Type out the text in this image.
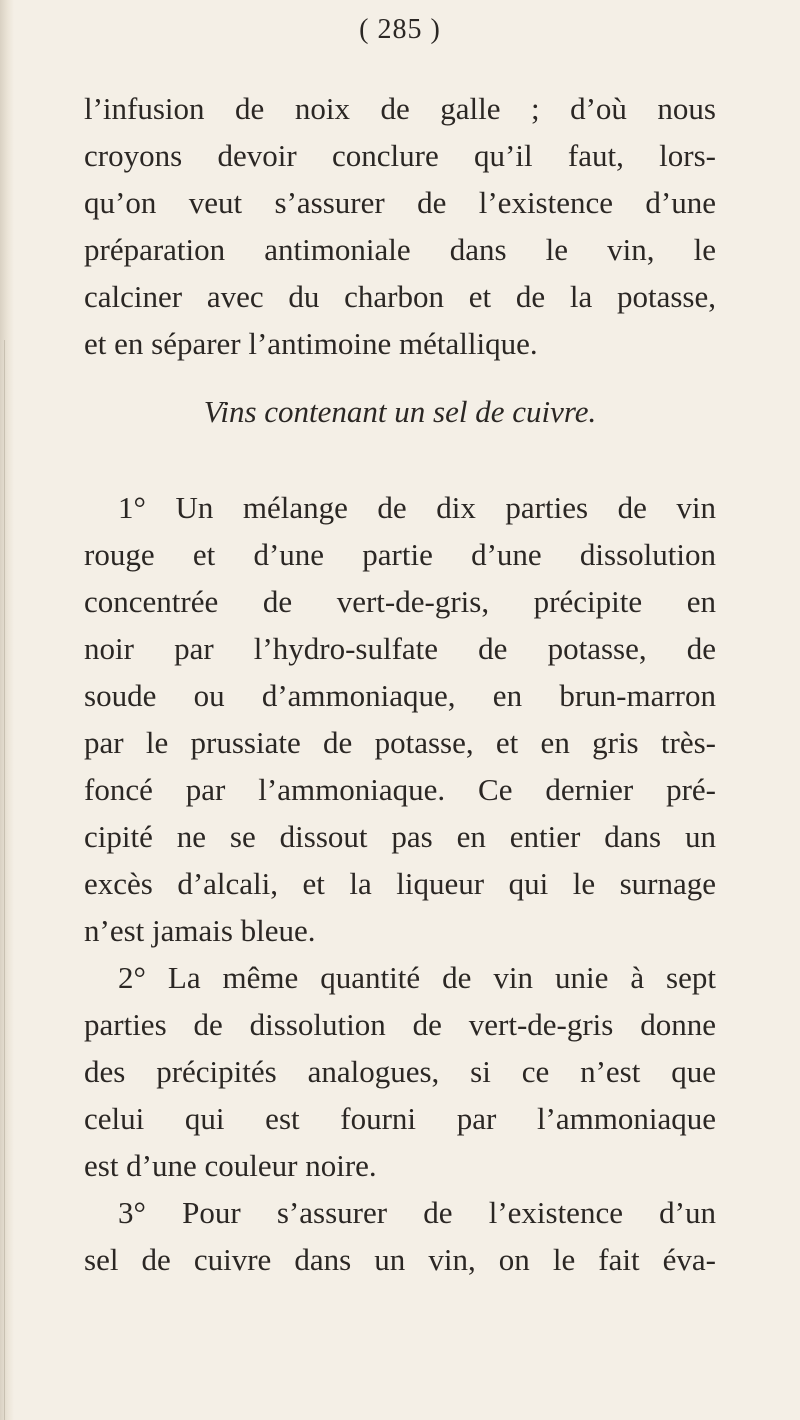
( 285 )

l’infusion de noix de galle ; d’où nous

croyons devoir conclure qu’il faut, lors-

qu’on veut s’assurer de l’existence d’une

préparation antimoniale dans le vin, le

calciner avec du charbon et de la potasse,

et en séparer l’antimoine métallique.

Vins contenant un sel de cuivre.

1° Un mélange de dix parties de vin

rouge et d’une partie d’une dissolution

concentrée de vert-de-gris, précipite en

noir par l’hydro-sulfate de potasse, de

soude ou d’ammoniaque, en brun-marron

par le prussiate de potasse, et en gris très-

foncé par l’ammoniaque. Ce dernier pré-

cipité ne se dissout pas en entier dans un

excès d’alcali, et la liqueur qui le surnage

n’est jamais bleue.

2° La même quantité de vin unie à sept

parties de dissolution de vert-de-gris donne

des précipités analogues, si ce n’est que

celui qui est fourni par l’ammoniaque

est d’une couleur noire.

3° Pour s’assurer de l’existence d’un

sel de cuivre dans un vin, on le fait éva-
